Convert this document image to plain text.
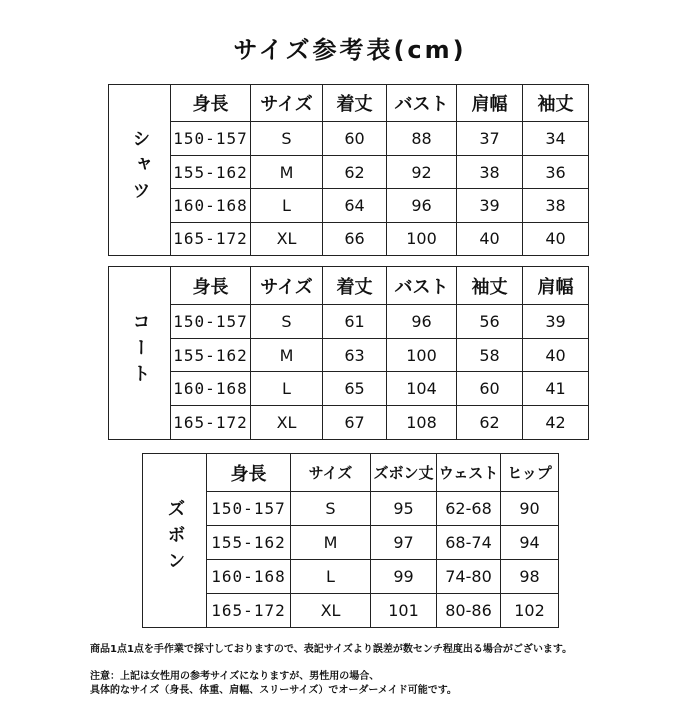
サイズ参考表(cm)
シャツ	身長	サイズ	着丈	バスト	肩幅	袖丈
	150-157	S	60	88	37	34
	155-162	M	62	92	38	36
	160-168	L	64	96	39	38
	165-172	XL	66	100	40	40
コート	身長	サイズ	着丈	バスト	袖丈	肩幅
	150-157	S	61	96	56	39
	155-162	M	63	100	58	40
	160-168	L	65	104	60	41
	165-172	XL	67	108	62	42
ズボン	身長	サイズ	ズボン丈	ウェスト	ヒップ
	150-157	S	95	62-68	90
	155-162	M	97	68-74	94
	160-168	L	99	74-80	98
	165-172	XL	101	80-86	102
商品1点1点を手作業で採寸しておりますので、表記サイズより誤差が数センチ程度出る場合がございます。
注意：上記は女性用の参考サイズになりますが、男性用の場合、
具体的なサイズ（身長、体重、肩幅、スリーサイズ）でオーダーメイド可能です。
